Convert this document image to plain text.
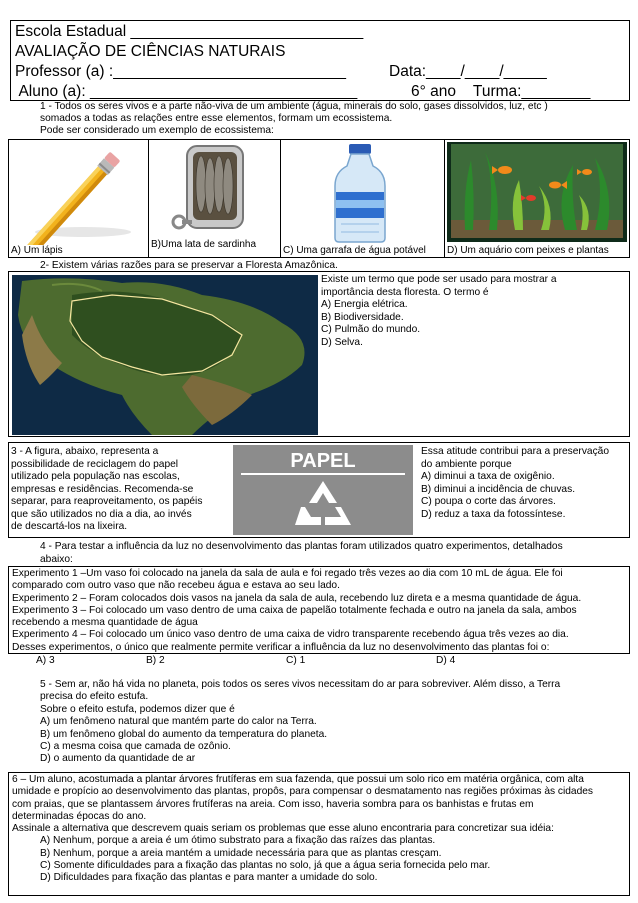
Escola Estadual ___________________________
AVALIAÇÃO DE CIÊNCIAS NATURAIS
Professor (a) :___________________________          Data:____/____/_____
Aluno (a): _______________________________	6° ano    Turma:________
1 - Todos os seres vivos e a parte não-viva de um ambiente (água, minerais do solo, gases dissolvidos, luz, etc )
somados a todas as relações entre esse elementos, formam um ecossistema.
Pode ser considerado um exemplo de ecossistema:
A) Um lápis
B)Uma lata de sardinha
C) Uma garrafa de água potável D) Um aquário com peixes e plantas
2- Existem várias razões para se preservar a Floresta Amazônica.
Existe um termo que pode ser usado para mostrar a
importância desta floresta. O termo é
A) Energia elétrica.
B) Biodiversidade.
C) Pulmão do mundo.
D) Selva.
3 - A figura, abaixo, representa a
possibilidade de reciclagem do papel
utilizado pela população nas escolas,
empresas e residências. Recomenda-se
separar, para reaproveitamento, os papéis
que são utilizados no dia a dia, ao invés
de descartá-los na lixeira.
PAPEL	Essa atitude contribui para a preservação
do ambiente porque
A) diminui a taxa de oxigênio.
B) diminui a incidência de chuvas.
C) poupa o corte das árvores.
D) reduz a taxa da fotossíntese.
4 - Para testar a influência da luz no desenvolvimento das plantas foram utilizados quatro experimentos, detalhados
abaixo:
Experimento 1 –Um vaso foi colocado na janela da sala de aula e foi regado três vezes ao dia com 10 mL de água. Ele foi
comparado com outro vaso que não recebeu água e estava ao seu lado.
Experimento 2 – Foram colocados dois vasos na janela da sala de aula, recebendo luz direta e a mesma quantidade de água.
Experimento 3 – Foi colocado um vaso dentro de uma caixa de papelão totalmente fechada e outro na janela da sala, ambos
recebendo a mesma quantidade de água
Experimento 4 – Foi colocado um único vaso dentro de uma caixa de vidro transparente recebendo água três vezes ao dia.
Desses experimentos, o único que realmente permite verificar a influência da luz no desenvolvimento das plantas foi o:
A) 3	B) 2	C) 1	D) 4
5 - Sem ar, não há vida no planeta, pois todos os seres vivos necessitam do ar para sobreviver. Além disso, a Terra
precisa do efeito estufa.
Sobre o efeito estufa, podemos dizer que é
A) um fenômeno natural que mantém parte do calor na Terra.
B) um fenômeno global do aumento da temperatura do planeta.
C) a mesma coisa que camada de ozônio.
D) o aumento da quantidade de ar
6 – Um aluno, acostumada a plantar árvores frutíferas em sua fazenda, que possui um solo rico em matéria orgânica, com alta
umidade e propício ao desenvolvimento das plantas, propôs, para compensar o desmatamento nas regiões próximas às cidades
com praias, que se plantassem árvores frutíferas na areia. Com isso, haveria sombra para os banhistas e frutas em
determinadas épocas do ano.
Assinale a alternativa que descrevem quais seriam os problemas que esse aluno encontraria para concretizar sua idéia:
A) Nenhum, porque a areia é um ótimo substrato para a fixação das raízes das plantas.
B) Nenhum, porque a areia mantém a umidade necessária para que as plantas cresçam.
C) Somente dificuldades para a fixação das plantas no solo, já que a água seria fornecida pelo mar.
D) Dificuldades para fixação das plantas e para manter a umidade do solo.
